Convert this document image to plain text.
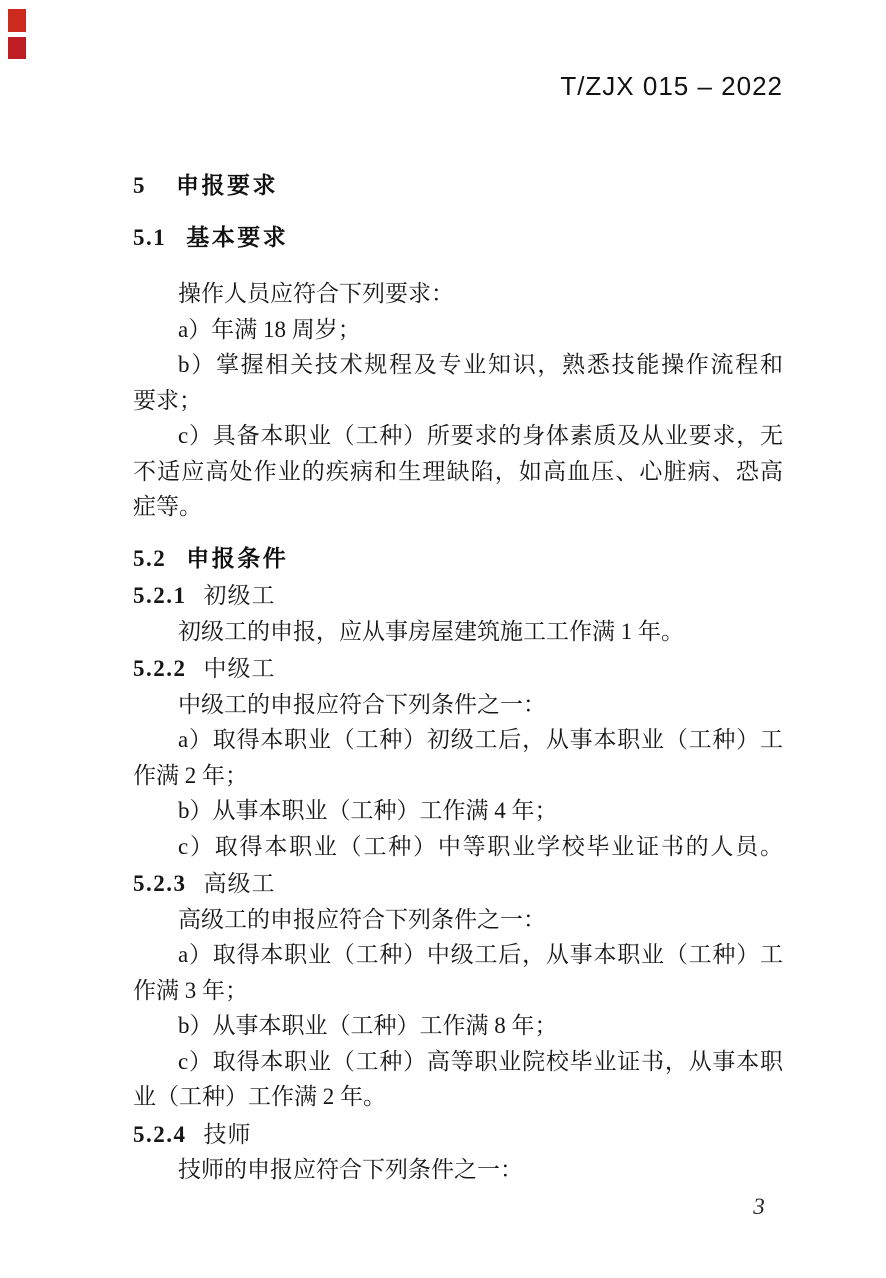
T/ZJX 015 – 2022
5 申报要求
5.1 基本要求
操作人员应符合下列要求：
a）年满 18 周岁；
b）掌握相关技术规程及专业知识，熟悉技能操作流程和
要求；
c）具备本职业（工种）所要求的身体素质及从业要求，无
不适应高处作业的疾病和生理缺陷，如高血压、心脏病、恐高
症等。
5.2 申报条件
5.2.1 初级工
初级工的申报，应从事房屋建筑施工工作满 1 年。
5.2.2 中级工
中级工的申报应符合下列条件之一：
a）取得本职业（工种）初级工后，从事本职业（工种）工
作满 2 年；
b）从事本职业（工种）工作满 4 年；
c）取得本职业（工种）中等职业学校毕业证书的人员。
5.2.3 高级工
高级工的申报应符合下列条件之一：
a）取得本职业（工种）中级工后，从事本职业（工种）工
作满 3 年；
b）从事本职业（工种）工作满 8 年；
c）取得本职业（工种）高等职业院校毕业证书，从事本职
业（工种）工作满 2 年。
5.2.4 技师
技师的申报应符合下列条件之一：
3
